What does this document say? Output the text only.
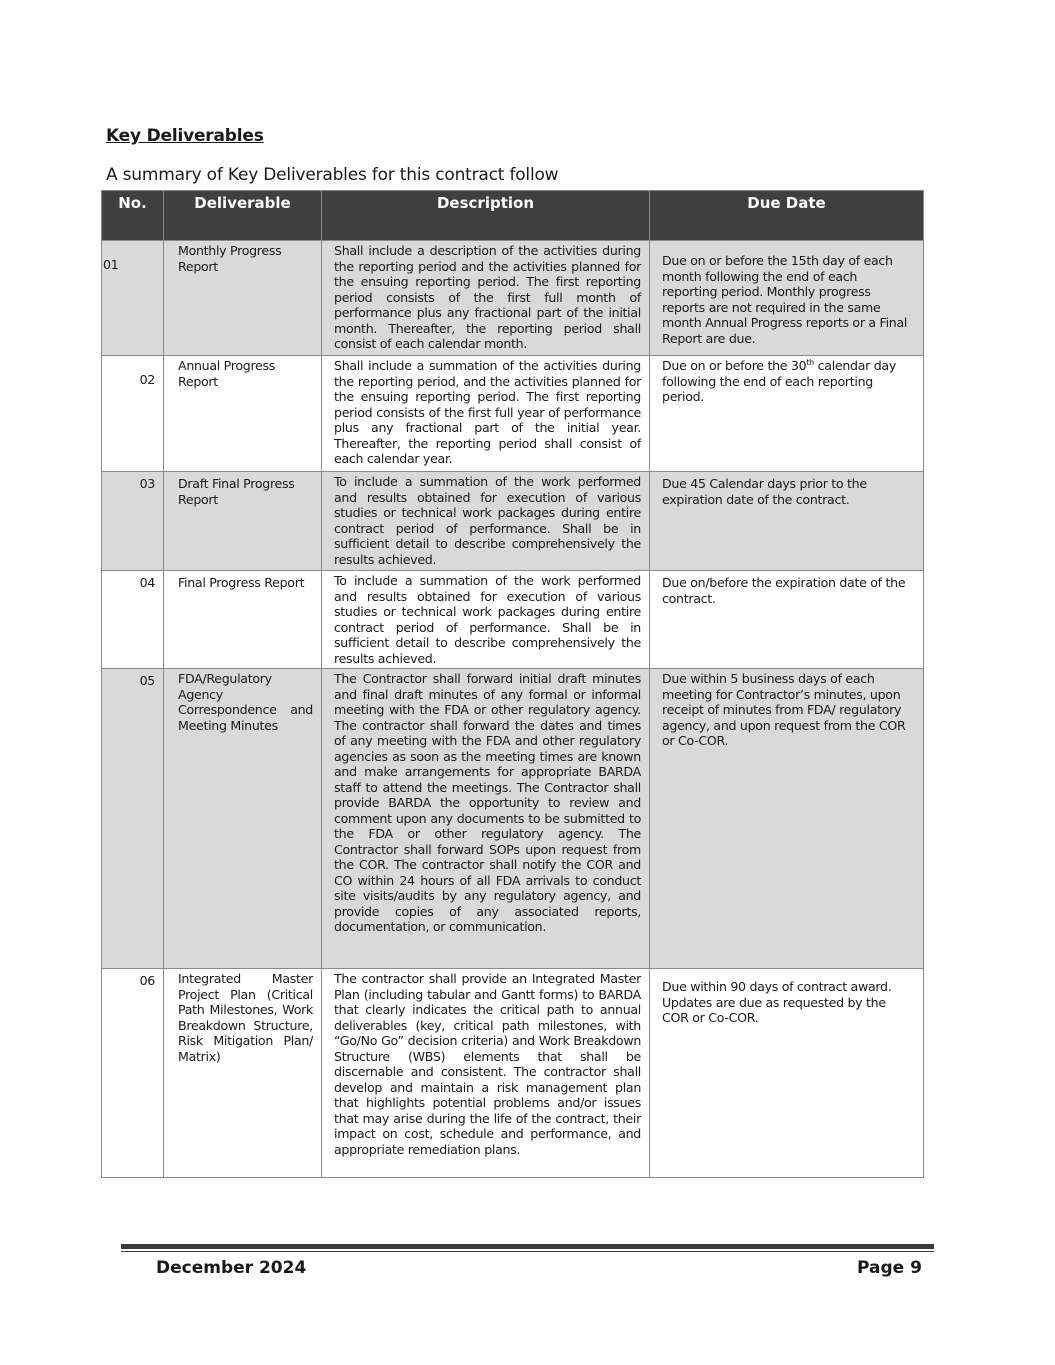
Key Deliverables
A summary of Key Deliverables for this contract follow
No.	Deliverable	Description	Due Date
01	Monthly Progress Report	Shall include a description of the activities during the reporting period and the activities planned for the ensuing reporting period. The first reporting period consists of the first full month of performance plus any fractional part of the initial month. Thereafter, the reporting period shall consist of each calendar month.	Due on or before the 15th day of each month following the end of each reporting period. Monthly progress reports are not required in the same month Annual Progress reports or a Final Report are due.
02	Annual Progress Report	Shall include a summation of the activities during the reporting period, and the activities planned for the ensuing reporting period. The first reporting period consists of the first full year of performance plus any fractional part of the initial year. Thereafter, the reporting period shall consist of each calendar year.	Due on or before the 30th calendar day following the end of each reporting period.
03	Draft Final Progress Report	To include a summation of the work performed and results obtained for execution of various studies or technical work packages during entire contract period of performance. Shall be in sufficient detail to describe comprehensively the results achieved.	Due 45 Calendar days prior to the expiration date of the contract.
04	Final Progress Report	To include a summation of the work performed and results obtained for execution of various studies or technical work packages during entire contract period of performance. Shall be in sufficient detail to describe comprehensively the results achieved.	Due on/before the expiration date of the contract.
05	FDA/Regulatory Agency Correspondence and Meeting Minutes	The Contractor shall forward initial draft minutes and final draft minutes of any formal or informal meeting with the FDA or other regulatory agency. The contractor shall forward the dates and times of any meeting with the FDA and other regulatory agencies as soon as the meeting times are known and make arrangements for appropriate BARDA staff to attend the meetings. The Contractor shall provide BARDA the opportunity to review and comment upon any documents to be submitted to the FDA or other regulatory agency. The Contractor shall forward SOPs upon request from the COR. The contractor shall notify the COR and CO within 24 hours of all FDA arrivals to conduct site visits/audits by any regulatory agency, and provide copies of any associated reports, documentation, or communication.	Due within 5 business days of each meeting for Contractor’s minutes, upon receipt of minutes from FDA/ regulatory agency, and upon request from the COR or Co-COR.
06	Integrated Master Project Plan (Critical Path Milestones, Work Breakdown Structure, Risk Mitigation Plan/ Matrix)	The contractor shall provide an Integrated Master Plan (including tabular and Gantt forms) to BARDA that clearly indicates the critical path to annual deliverables (key, critical path milestones, with “Go/No Go” decision criteria) and Work Breakdown Structure (WBS) elements that shall be discernable and consistent. The contractor shall develop and maintain a risk management plan that highlights potential problems and/or issues that may arise during the life of the contract, their impact on cost, schedule and performance, and appropriate remediation plans.	Due within 90 days of contract award. Updates are due as requested by the COR or Co-COR.
December 2024	Page 9
